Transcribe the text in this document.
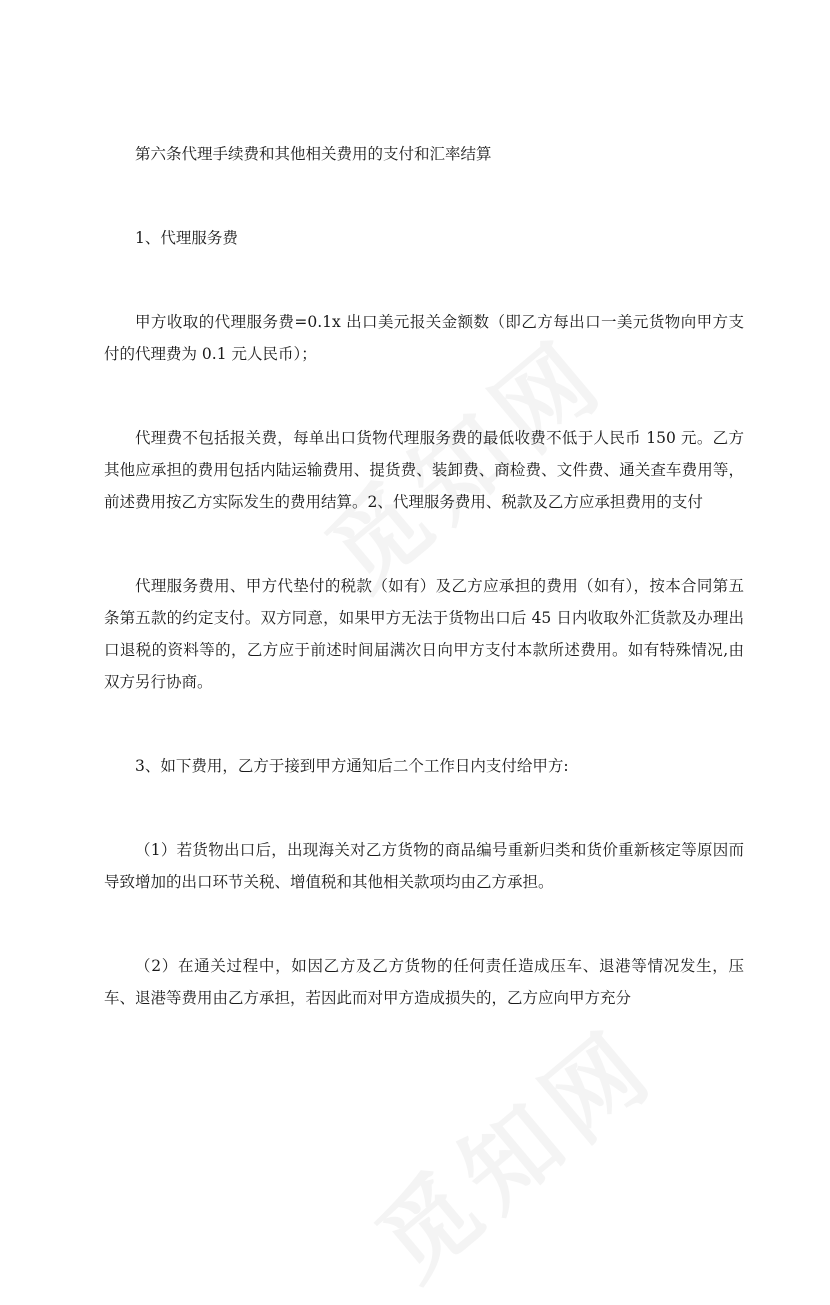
第六条代理手续费和其他相关费用的支付和汇率结算

1、代理服务费

甲方收取的代理服务费=0.1x 出口美元报关金额数（即乙方每出口一美元货物向甲方支付的代理费为 0.1 元人民币）；

代理费不包括报关费，每单出口货物代理服务费的最低收费不低于人民币 150 元。乙方其他应承担的费用包括内陆运输费用、提货费、装卸费、商检费、文件费、通关查车费用等，前述费用按乙方实际发生的费用结算。2、代理服务费用、税款及乙方应承担费用的支付

代理服务费用、甲方代垫付的税款（如有）及乙方应承担的费用（如有），按本合同第五条第五款的约定支付。双方同意，如果甲方无法于货物出口后 45 日内收取外汇货款及办理出口退税的资料等的，乙方应于前述时间届满次日向甲方支付本款所述费用。如有特殊情况,由双方另行协商。

3、如下费用，乙方于接到甲方通知后二个工作日内支付给甲方:

（1）若货物出口后，出现海关对乙方货物的商品编号重新归类和货价重新核定等原因而导致增加的出口环节关税、增值税和其他相关款项均由乙方承担。

（2）在通关过程中，如因乙方及乙方货物的任何责任造成压车、退港等情况发生，压车、退港等费用由乙方承担，若因此而对甲方造成损失的，乙方应向甲方充分
